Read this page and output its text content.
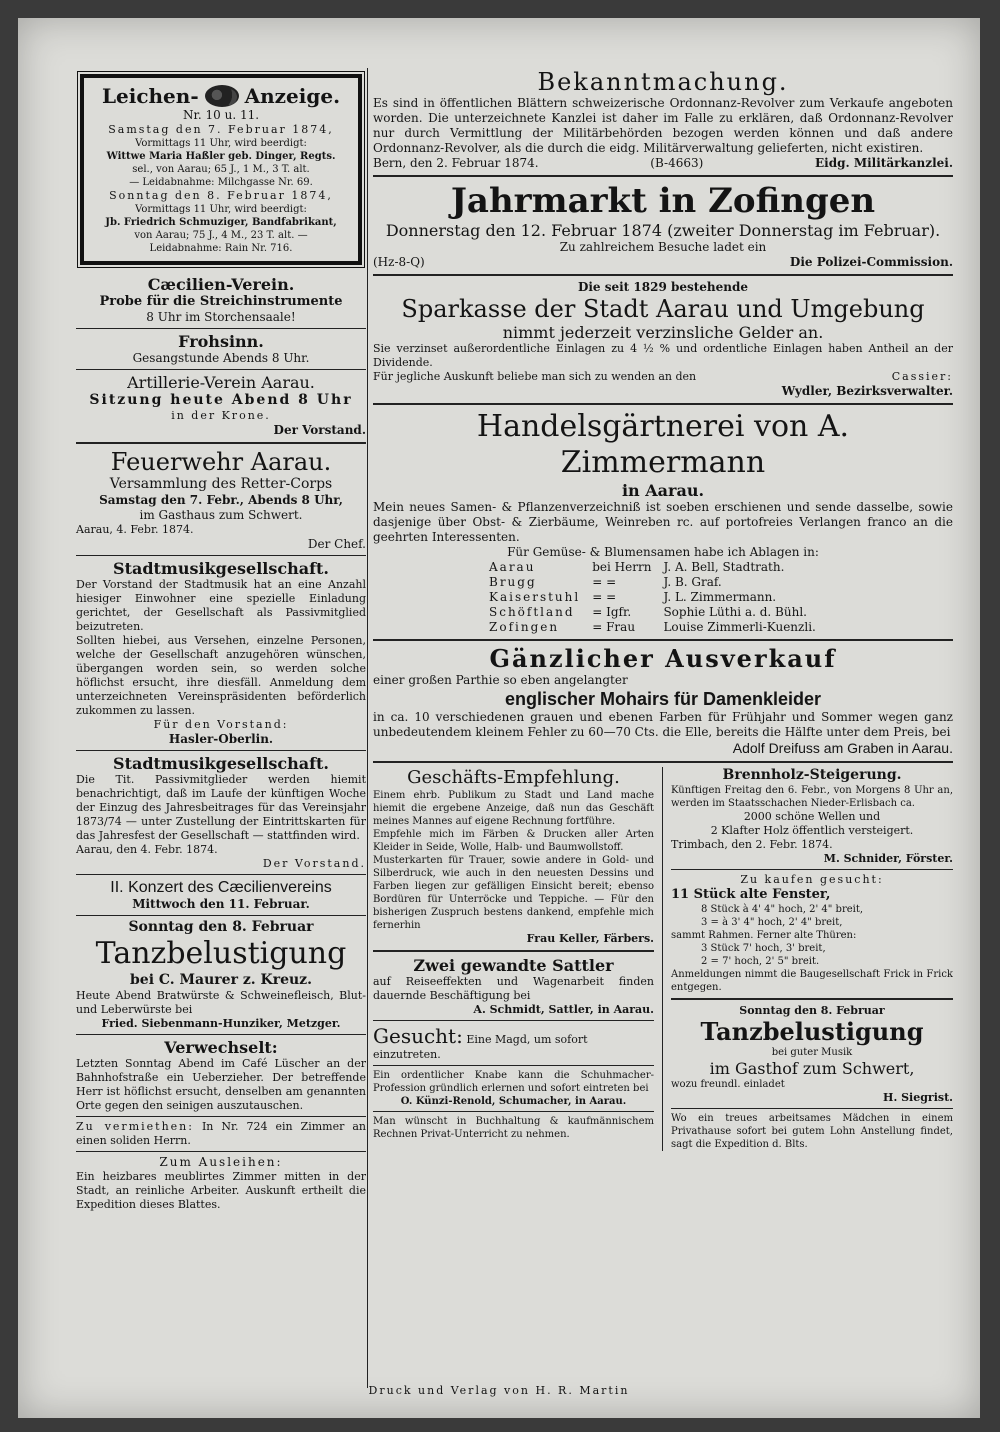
Leichen- Anzeige.

Nr. 10 u. 11.

Samstag den 7. Februar 1874,

Vormittags 11 Uhr, wird beerdigt:

Wittwe Maria Haßler geb. Dinger, Regts.

sel., von Aarau; 65 J., 1 M., 3 T. alt.

— Leidabnahme: Milchgasse Nr. 69.

Sonntag den 8. Februar 1874,

Vormittags 11 Uhr, wird beerdigt:

Jb. Friedrich Schmuziger, Bandfabrikant,

von Aarau; 75 J., 4 M., 23 T. alt. —

Leidabnahme: Rain Nr. 716.

Cæcilien-Verein.

Probe für die Streichinstrumente

8 Uhr im Storchensaale!

Frohsinn.

Gesangstunde Abends 8 Uhr.

Artillerie-Verein Aarau.

Sitzung heute Abend 8 Uhr

in der Krone.

Der Vorstand.

Feuerwehr Aarau.

Versammlung des Retter-Corps

Samstag den 7. Febr., Abends 8 Uhr,

im Gasthaus zum Schwert.

Aarau, 4. Febr. 1874.

Der Chef.

Stadtmusikgesellschaft.

Der Vorstand der Stadtmusik hat an eine Anzahl hiesiger Einwohner eine spezielle Einladung gerichtet, der Gesellschaft als Passivmitglied beizutreten.

Sollten hiebei, aus Versehen, einzelne Personen, welche der Gesellschaft anzugehören wünschen, übergangen worden sein, so werden solche höflichst ersucht, ihre diesfäll. Anmeldung dem unterzeichneten Vereinspräsidenten beförderlich zukommen zu lassen.

Für den Vorstand:

Hasler-Oberlin.

Stadtmusikgesellschaft.

Die Tit. Passivmitglieder werden hiemit benachrichtigt, daß im Laufe der künftigen Woche der Einzug des Jahresbeitrages für das Vereinsjahr 1873/74 — unter Zustellung der Eintrittskarten für das Jahresfest der Gesellschaft — stattfinden wird.

Aarau, den 4. Febr. 1874.

Der Vorstand.

II. Konzert des Cæcilienvereins

Mittwoch den 11. Februar.

Sonntag den 8. Februar

Tanzbelustigung

bei C. Maurer z. Kreuz.

Heute Abend Bratwürste & Schweinefleisch, Blut- und Leberwürste bei

Fried. Siebenmann-Hunziker, Metzger.

Verwechselt:

Letzten Sonntag Abend im Café Lüscher an der Bahnhofstraße ein Ueberzieher. Der betreffende Herr ist höflichst ersucht, denselben am genannten Orte gegen den seinigen auszutauschen.

Zu vermiethen: In Nr. 724 ein Zimmer an einen soliden Herrn.

Zum Ausleihen:

Ein heizbares meublirtes Zimmer mitten in der Stadt, an reinliche Arbeiter. Auskunft ertheilt die Expedition dieses Blattes.

Bekanntmachung.

Es sind in öffentlichen Blättern schweizerische Ordonnanz-Revolver zum Verkaufe angeboten worden. Die unterzeichnete Kanzlei ist daher im Falle zu erklären, daß Ordonnanz-Revolver nur durch Vermittlung der Militärbehörden bezogen werden können und daß andere Ordonnanz-Revolver, als die durch die eidg. Militärverwaltung gelieferten, nicht existiren.

Bern, den 2. Februar 1874.	(B-4663)	Eidg. Militärkanzlei.

Jahrmarkt in Zofingen

Donnerstag den 12. Februar 1874 (zweiter Donnerstag im Februar).

Zu zahlreichem Besuche ladet ein

(Hz-8-Q)	Die Polizei-Commission.

Die seit 1829 bestehende

Sparkasse der Stadt Aarau und Umgebung

nimmt jederzeit verzinsliche Gelder an.

Sie verzinset außerordentliche Einlagen zu 4 ½ % und ordentliche Einlagen haben Antheil an der Dividende.

Für jegliche Auskunft beliebe man sich zu wenden an den	Cassier:

Wydler, Bezirksverwalter.

Handelsgärtnerei von A. Zimmermann

in Aarau.

Mein neues Samen- & Pflanzenverzeichniß ist soeben erschienen und sende dasselbe, sowie dasjenige über Obst- & Zierbäume, Weinreben rc. auf portofreies Verlangen franco an die geehrten Interessenten.

Für Gemüse- & Blumensamen habe ich Ablagen in:

Aarau	bei Herrn	J. A. Bell, Stadtrath.
Brugg	= =	J. B. Graf.
Kaiserstuhl	= =	J. L. Zimmermann.
Schöftland	= Igfr.	Sophie Lüthi a. d. Bühl.
Zofingen	= Frau	Louise Zimmerli-Kuenzli.

Gänzlicher Ausverkauf

einer großen Parthie so eben angelangter

englischer Mohairs für Damenkleider

in ca. 10 verschiedenen grauen und ebenen Farben für Frühjahr und Sommer wegen ganz unbedeutendem kleinem Fehler zu 60—70 Cts. die Elle, bereits die Hälfte unter dem Preis, bei

Adolf Dreifuss am Graben in Aarau.

Geschäfts-Empfehlung.

Einem ehrb. Publikum zu Stadt und Land mache hiemit die ergebene Anzeige, daß nun das Geschäft meines Mannes auf eigene Rechnung fortführe.

Empfehle mich im Färben & Drucken aller Arten Kleider in Seide, Wolle, Halb- und Baumwollstoff.

Musterkarten für Trauer, sowie andere in Gold- und Silberdruck, wie auch in den neuesten Dessins und Farben liegen zur gefälligen Einsicht bereit; ebenso Bordüren für Unterröcke und Teppiche. — Für den bisherigen Zuspruch bestens dankend, empfehle mich fernerhin

Frau Keller, Färbers.

Zwei gewandte Sattler

auf Reiseeffekten und Wagenarbeit finden dauernde Beschäftigung bei

A. Schmidt, Sattler, in Aarau.

Gesucht: Eine Magd, um sofort einzutreten.

Ein ordentlicher Knabe kann die Schuhmacher-Profession gründlich erlernen und sofort eintreten bei

O. Künzi-Renold, Schumacher, in Aarau.

Man wünscht in Buchhaltung & kaufmännischem Rechnen Privat-Unterricht zu nehmen.

Brennholz-Steigerung.

Künftigen Freitag den 6. Febr., von Morgens 8 Uhr an, werden im Staatsschachen Nieder-Erlisbach ca.

2000 schöne Wellen und

2 Klafter Holz öffentlich versteigert.

Trimbach, den 2. Febr. 1874.

M. Schnider, Förster.

Zu kaufen gesucht:

11 Stück alte Fenster,

8 Stück à 4' 4" hoch, 2' 4" breit,

3 = à 3' 4" hoch, 2' 4" breit,

sammt Rahmen. Ferner alte Thüren:

3 Stück 7' hoch, 3' breit,

2 = 7' hoch, 2' 5" breit.

Anmeldungen nimmt die Baugesellschaft Frick in Frick entgegen.

Sonntag den 8. Februar

Tanzbelustigung

bei guter Musik

im Gasthof zum Schwert,

wozu freundl. einladet

H. Siegrist.

Wo ein treues arbeitsames Mädchen in einem Privathause sofort bei gutem Lohn Anstellung findet, sagt die Expedition d. Blts.

Druck und Verlag von H. R. Martin
